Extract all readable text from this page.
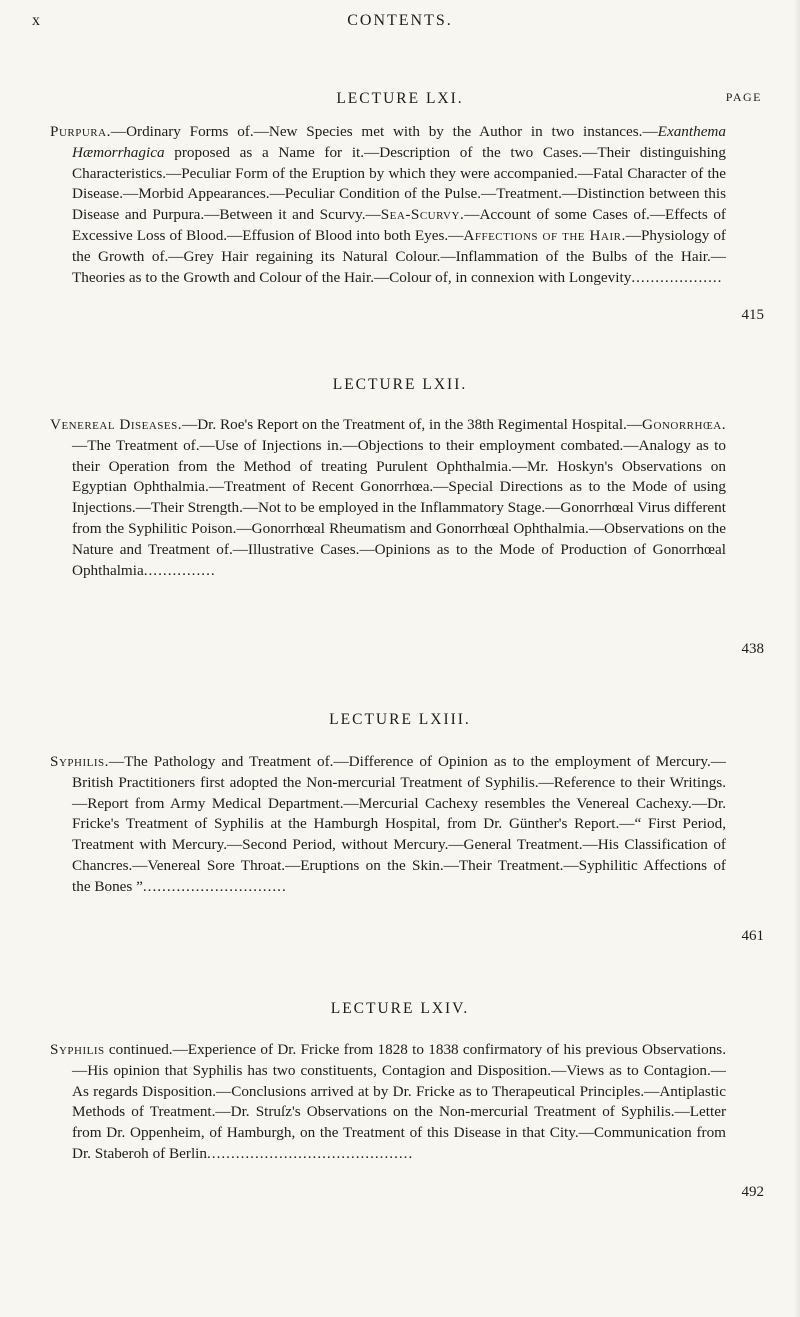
x	CONTENTS.
LECTURE LXI.	PAGE
Purpura.—Ordinary Forms of.—New Species met with by the Author in two instances.—Exanthema Hæmorrhagica proposed as a Name for it.—Description of the two Cases.—Their distinguishing Characteristics.—Peculiar Form of the Eruption by which they were accompanied.—Fatal Character of the Disease.—Morbid Appearances.—Peculiar Condition of the Pulse.—Treatment.—Distinction between this Disease and Purpura.—Between it and Scurvy.—Sea-Scurvy.—Account of some Cases of.—Effects of Excessive Loss of Blood.—Effusion of Blood into both Eyes.—Affections of the Hair.—Physiology of the Growth of.—Grey Hair regaining its Natural Colour.—Inflammation of the Bulbs of the Hair.—Theories as to the Growth and Colour of the Hair.—Colour of, in connexion with Longevity...................
415
LECTURE LXII.
Venereal Diseases.—Dr. Roe's Report on the Treatment of, in the 38th Regimental Hospital.—Gonorrhœa.—The Treatment of.—Use of Injections in.—Objections to their employment combated.—Analogy as to their Operation from the Method of treating Purulent Ophthalmia.—Mr. Hoskyn's Observations on Egyptian Ophthalmia.—Treatment of Recent Gonorrhœa.—Special Directions as to the Mode of using Injections.—Their Strength.—Not to be employed in the Inflammatory Stage.—Gonorrhœal Virus different from the Syphilitic Poison.—Gonorrhœal Rheumatism and Gonorrhœal Ophthalmia.—Observations on the Nature and Treatment of.—Illustrative Cases.—Opinions as to the Mode of Production of Gonorrhœal Ophthalmia...............
438
LECTURE LXIII.
Syphilis.—The Pathology and Treatment of.—Difference of Opinion as to the employment of Mercury.—British Practitioners first adopted the Non-mercurial Treatment of Syphilis.—Reference to their Writings.—Report from Army Medical Department.—Mercurial Cachexy resembles the Venereal Cachexy.—Dr. Fricke's Treatment of Syphilis at the Hamburgh Hospital, from Dr. Günther's Report.—“ First Period, Treatment with Mercury.—Second Period, without Mercury.—General Treatment.—His Classification of Chancres.—Venereal Sore Throat.—Eruptions on the Skin.—Their Treatment.—Syphilitic Affections of the Bones ”..............................
461
LECTURE LXIV.
Syphilis continued.—Experience of Dr. Fricke from 1828 to 1838 confirmatory of his previous Observations.—His opinion that Syphilis has two constituents, Contagion and Disposition.—Views as to Contagion.—As regards Disposition.—Conclusions arrived at by Dr. Fricke as to Therapeutical Principles.—Antiplastic Methods of Treatment.—Dr. Struſz's Observations on the Non-mercurial Treatment of Syphilis.—Letter from Dr. Oppenheim, of Hamburgh, on the Treatment of this Disease in that City.—Communication from Dr. Staberoh of Berlin...........................................
492
